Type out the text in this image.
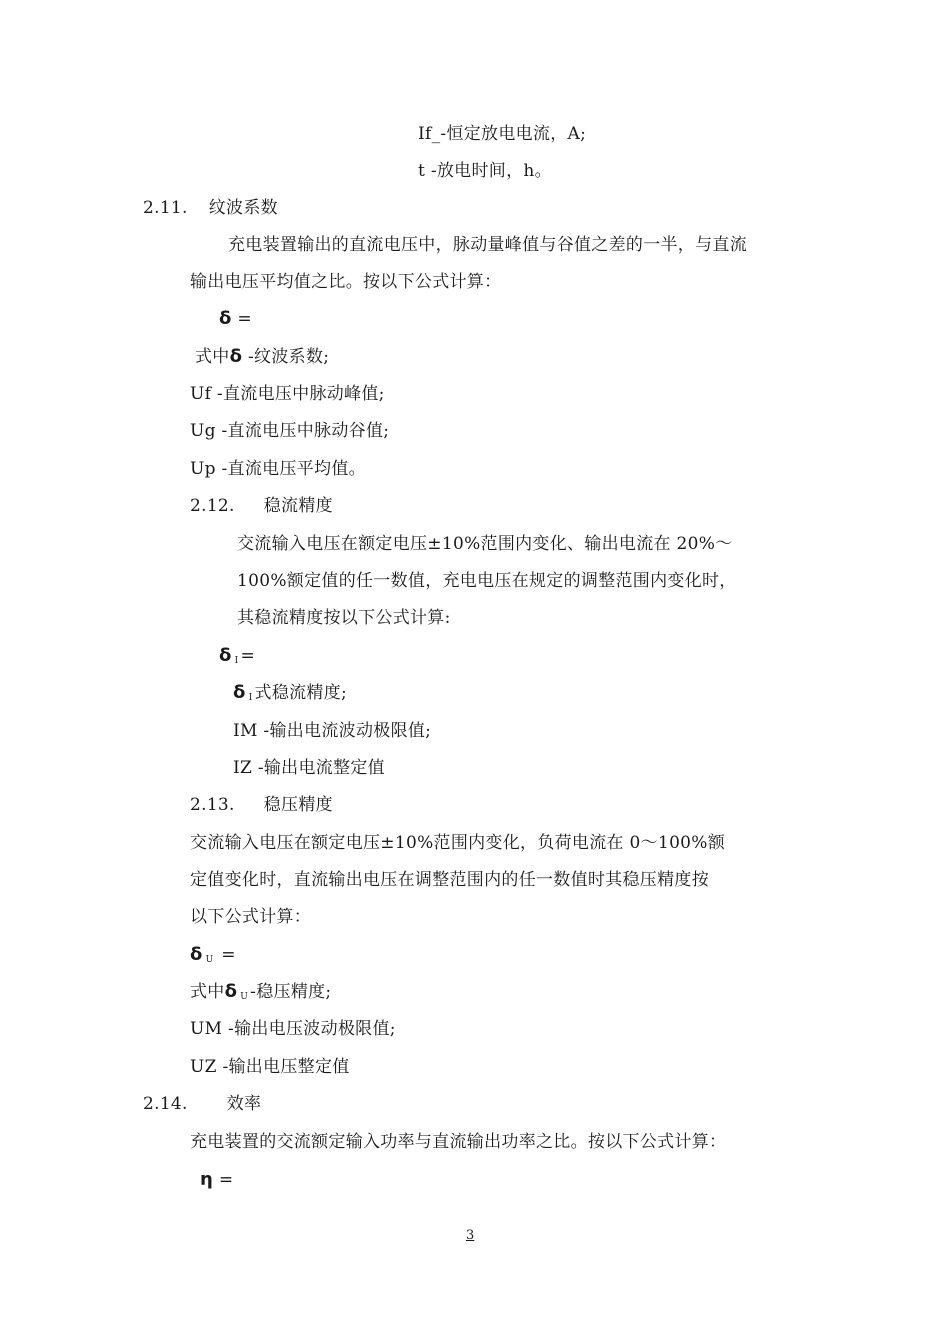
If_-恒定放电电流，A;
t -放电时间，h。
2.11. 纹波系数
充电装置输出的直流电压中，脉动量峰值与谷值之差的一半，与直流
输出电压平均值之比。按以下公式计算：
δ =
式中δ -纹波系数;
Uf -直流电压中脉动峰值;
Ug -直流电压中脉动谷值;
Up -直流电压平均值。
2.12. 稳流精度
交流输入电压在额定电压±10%范围内变化、输出电流在 20%～
100%额定值的任一数值，充电电压在规定的调整范围内变化时，
其稳流精度按以下公式计算:
δ $_I$ =
δ $_I$ 式稳流精度;
IM -输出电流波动极限值;
IZ -输出电流整定值
2.13. 稳压精度
交流输入电压在额定电压±10%范围内变化，负荷电流在 0～100%额
定值变化时，直流输出电压在调整范围内的任一数值时其稳压精度按
以下公式计算：
δ $_U$ =
式中δ $_U$ -稳压精度;
UM -输出电压波动极限值;
UZ -输出电压整定值
2.14. 效率
充电装置的交流额定输入功率与直流输出功率之比。按以下公式计算：
η =
3
